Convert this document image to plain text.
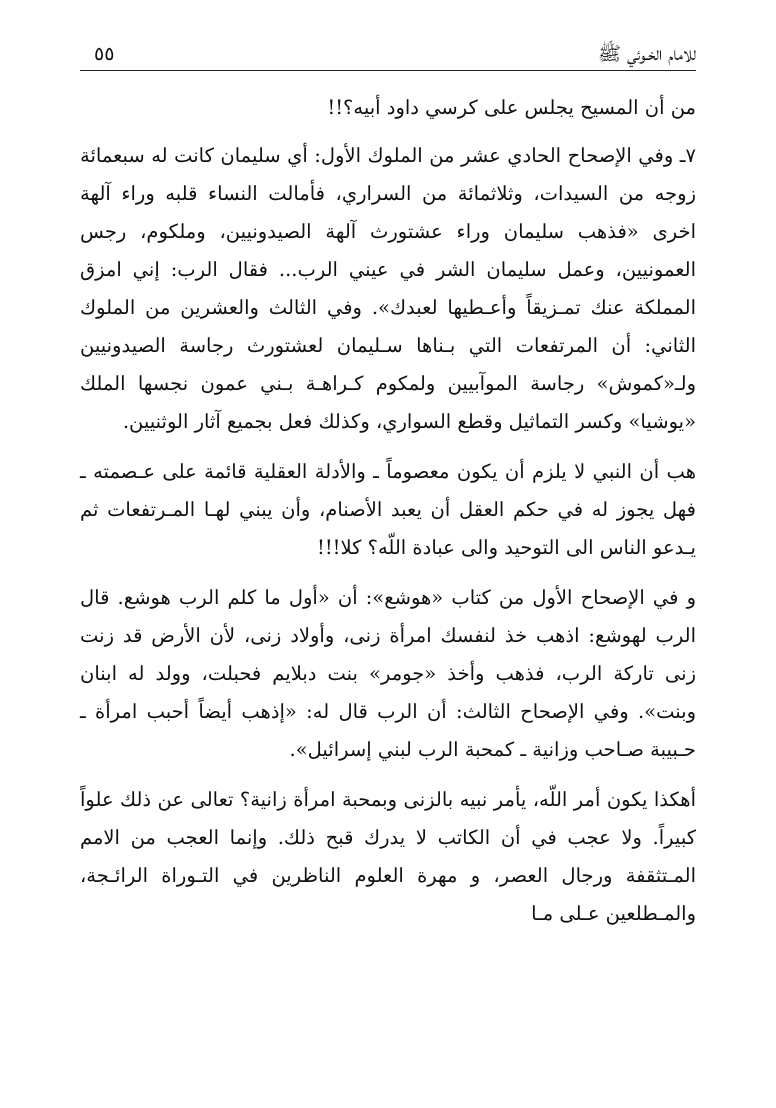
للامام الخـوئي ﷺ
٥٥

من أن المسيح يجلس على كرسي داود أبيه؟!!

٧ـ وفي الإصحاح الحادي عشر من الملوك الأول: أي سليمان كانت له سبعمائة زوجه من السيدات، وثلاثمائة من السراري، فأمالت النساء قلبه وراء آلهة اخرى «فذهب سليمان وراء عشتورث آلهة الصيدونيين، وملكوم، رجس العمونيين، وعمل سليمان الشر في عيني الرب... فقال الرب: إني امزق المملكة عنك تمـزيقاً وأعـطيها لعبدك». وفي الثالث والعشرين من الملوك الثاني: أن المرتفعات التي بـناها سـليمان لعشتورث رجاسة الصيدونيين ولـ«كموش» رجاسة الموآبيين ولمكوم كـراهـة بـني عمون نجسها الملك «يوشيا» وكسر التماثيل وقطع السواري، وكذلك فعل بجميع آثار الوثنيين.

هب أن النبي لا يلزم أن يكون معصوماً ـ والأدلة العقلية قائمة على عـصمته ـ فهل يجوز له في حكم العقل أن يعبد الأصنام، وأن يبني لهـا المـرتفعات ثم يـدعو الناس الى التوحيد والى عبادة اللّه؟ كلا!!!

و في الإصحاح الأول من كتاب «هوشع»: أن «أول ما كلم الرب هوشع. قال الرب لهوشع: اذهب خذ لنفسك امرأة زنى، وأولاد زنى، لأن الأرض قد زنت زنى تاركة الرب، فذهب وأخذ «جومر» بنت دبلايم فحبلت، وولد له ابنان وبنت». وفي الإصحاح الثالث: أن الرب قال له: «إذهب أيضاً أحبب امرأة ـ حـبيبة صـاحب وزانية ـ كمحبة الرب لبني إسرائيل».

أهكذا يكون أمر اللّه، يأمر نبيه بالزنى وبمحبة امرأة زانية؟ تعالى عن ذلك علواً كبيراً. ولا عجب في أن الكاتب لا يدرك قبح ذلك. وإنما العجب من الامم المـتثقفة ورجال العصر، و مهرة العلوم الناظرين في التـوراة الرائـجة، والمـطلعين عـلى مـا
